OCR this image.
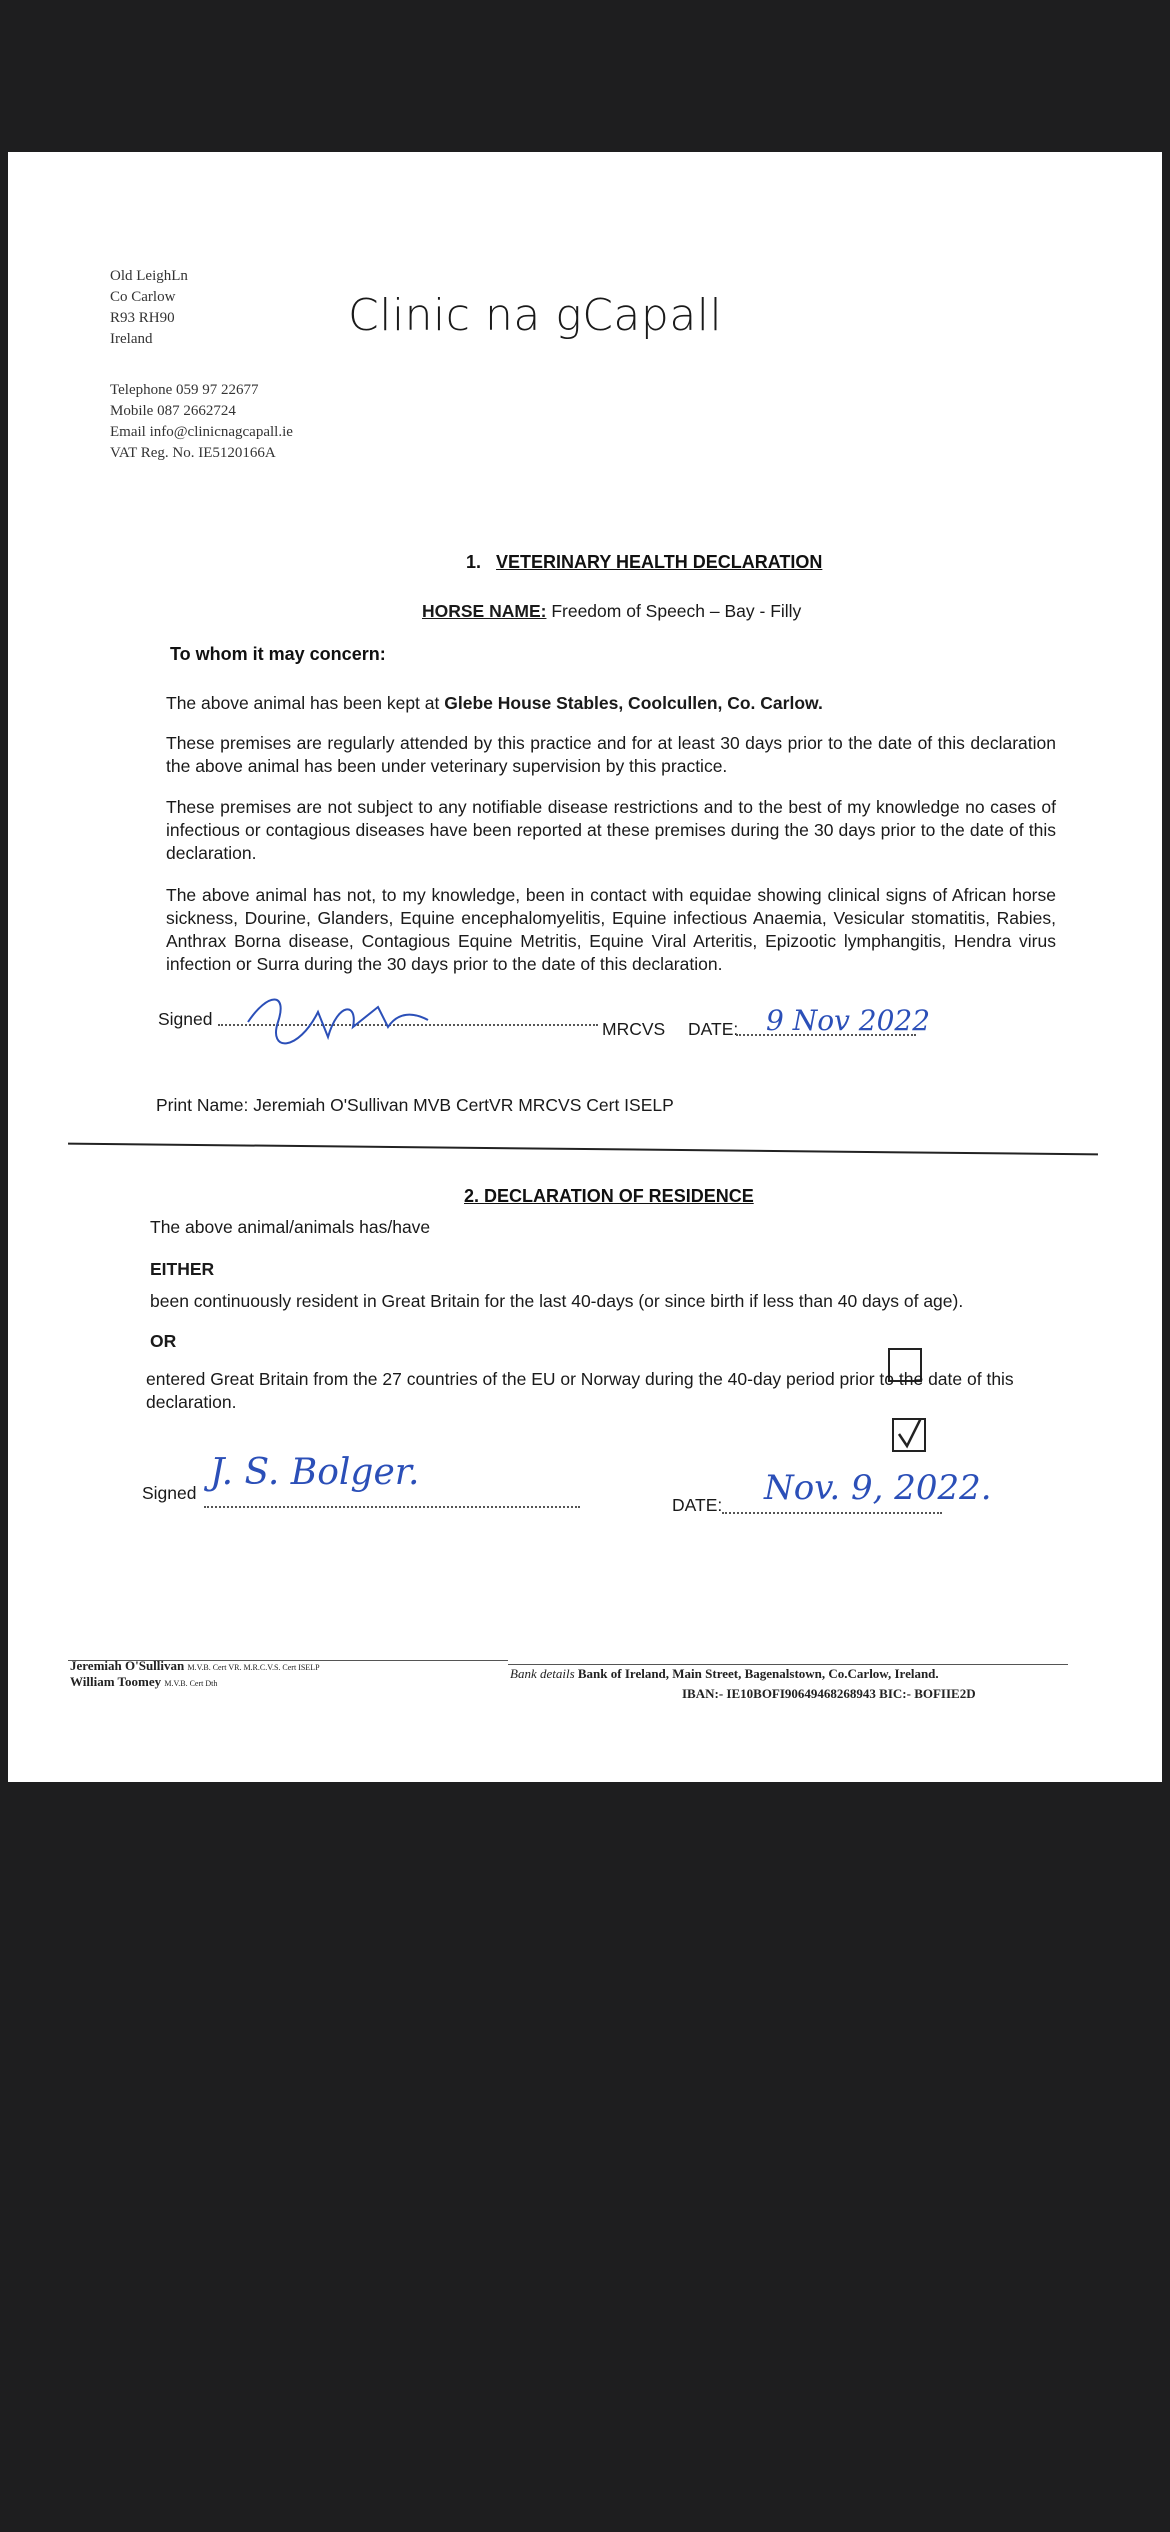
Old LeighLn
Co Carlow
R93 RH90
Ireland
Telephone 059 97 22677
Mobile 087 2662724
Email info@clinicnagcapall.ie
VAT Reg. No. IE5120166A
Clinic na gCapall
1. VETERINARY HEALTH DECLARATION
HORSE NAME: Freedom of Speech – Bay - Filly
To whom it may concern:
The above animal has been kept at Glebe House Stables, Coolcullen, Co. Carlow.
These premises are regularly attended by this practice and for at least 30 days prior to the date of this declaration the above animal has been under veterinary supervision by this practice.
These premises are not subject to any notifiable disease restrictions and to the best of my knowledge no cases of infectious or contagious diseases have been reported at these premises during the 30 days prior to the date of this declaration.
The above animal has not, to my knowledge, been in contact with equidae showing clinical signs of African horse sickness, Dourine, Glanders, Equine encephalomyelitis, Equine infectious Anaemia, Vesicular stomatitis, Rabies, Anthrax Borna disease, Contagious Equine Metritis, Equine Viral Arteritis, Epizootic lymphangitis, Hendra virus infection or Surra during the 30 days prior to the date of this declaration.
Signed	MRCVS DATE: 9 Nov 2022
Print Name: Jeremiah O'Sullivan MVB CertVR MRCVS Cert ISELP
2. DECLARATION OF RESIDENCE
The above animal/animals has/have
EITHER
been continuously resident in Great Britain for the last 40-days (or since birth if less than 40 days of age).
OR
entered Great Britain from the 27 countries of the EU or Norway during the 40-day period prior to the date of this declaration.
Signed J. S. Bolger.
DATE: Nov. 9, 2022.
Jeremiah O'Sullivan M.V.B. Cert VR. M.R.C.V.S. Cert ISELP
William Toomey M.V.B. Cert Dth
Bank details Bank of Ireland, Main Street, Bagenalstown, Co.Carlow, Ireland.
IBAN:- IE10BOFI90649468268943 BIC:- BOFIIE2D
